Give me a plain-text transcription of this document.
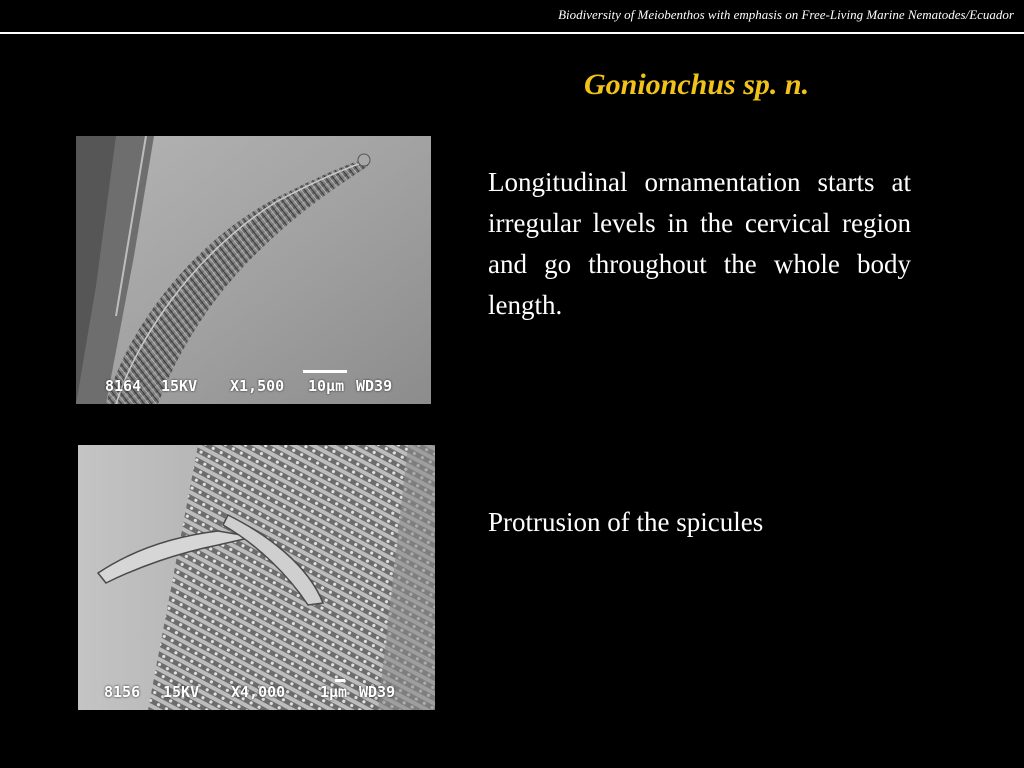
Biodiversity of Meiobenthos with emphasis on Free-Living Marine Nematodes/Ecuador
Gonionchus sp. n.
8164 15KV X1,500 10µm WD39
8156 15KV X4,000 1µm WD39
Longitudinal ornamentation starts at irregular levels in the cervical region and go throughout the whole body length.
Protrusion of the spicules
